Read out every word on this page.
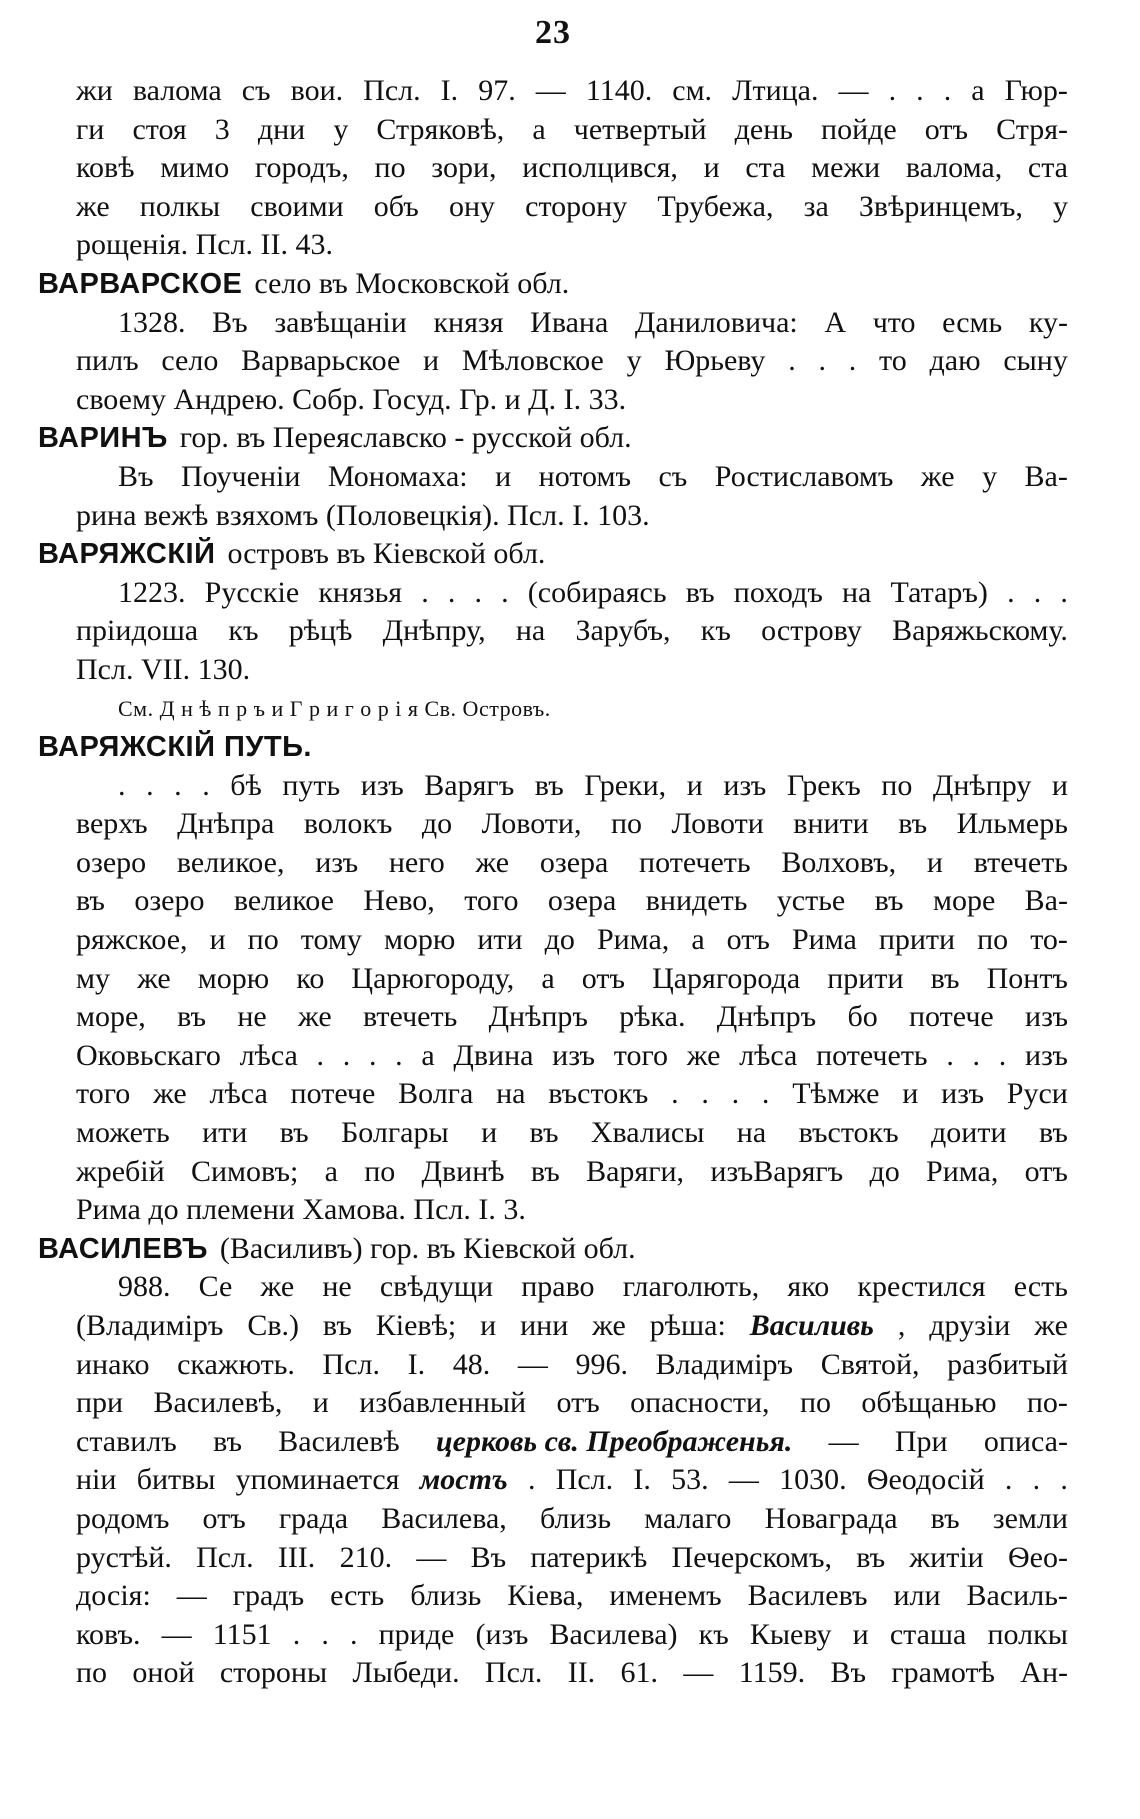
23
жи валома съ вои. Псл. І. 97. — 1140. см. Лтица. — . . . а Гюр-
ги стоя 3 дни у Стряковѣ, а четвертый день пойде отъ Стря-
ковѣ мимо городъ, по зори, исполцився, и ста межи валома, ста
же полкы своими объ ону сторону Трубежа, за Звѣринцемъ, у
рощенія. Псл. II. 43.
ВАРВАРСКОЕ село въ Московской обл.
1328. Въ завѣщаніи князя Ивана Даниловича: А что есмь ку-
пилъ село Варварьское и Мѣловское у Юрьеву . . . то даю сыну
своему Андрею. Собр. Госуд. Гр. и Д. I. 33.
ВАРИНЪ гор. въ Переяславско - русской обл.
Въ Поученіи Мономаха: и нотомъ съ Ростиславомъ же у Ва-
рина вежѣ взяхомъ (Половецкія). Псл. I. 103.
ВАРЯЖСКІЙ островъ въ Кіевской обл.
1223. Русскіе князья . . . . (собираясь въ походъ на Татаръ) . . .
пріидоша къ рѣцѣ Днѣпру, на Зарубъ, къ острову Варяжьскому.
Псл. VII. 130.
См. Д н ѣ п р ъ и Г р и г о р і я Св. Островъ.
ВАРЯЖСКІЙ ПУТЬ.
. . . . бѣ путь изъ Варягъ въ Греки, и изъ Грекъ по Днѣпру и
верхъ Днѣпра волокъ до Ловоти, по Ловоти внити въ Ильмерь
озеро великое, изъ него же озера потечеть Волховъ, и втечеть
въ озеро великое Нево, того озера внидеть устье въ море Ва-
ряжское, и по тому морю ити до Рима, а отъ Рима прити по то-
му же морю ко Царюгороду, а отъ Царягорода прити въ Понтъ
море, въ не же втечеть Днѣпръ рѣка. Днѣпръ бо потече изъ
Оковьскаго лѣса . . . . а Двина изъ того же лѣса потечеть . . . изъ
того же лѣса потече Волга на въстокъ . . . . Тѣмже и изъ Руси
можеть ити въ Болгары и въ Хвалисы на въстокъ доити въ
жребій Симовъ; а по Двинѣ въ Варяги, изъВарягъ до Рима, отъ
Рима до племени Хамова. Псл. I. 3.
ВАСИЛЕВЪ (Василивъ) гор. въ Кіевской обл.
988. Се же не свѣдущи право глаголють, яко крестился есть
(Владиміръ Св.) въ Кіевѣ; и ини же рѣша: Василивь , друзіи же
инако скажють. Псл. I. 48. — 996. Владиміръ Святой, разбитый
при Василевѣ, и избавленный отъ опасности, по обѣщанью по-
ставилъ въ Василевѣ церковь св. Преображенья. — При описа-
ніи битвы упоминается мостъ . Псл. I. 53. — 1030. Ѳеодосій . . .
родомъ отъ града Василева, близь малаго Новаграда въ земли
рустѣй. Псл. III. 210. — Въ патерикѣ Печерскомъ, въ житіи Ѳео-
досія: — градъ есть близь Кіева, именемъ Василевъ или Василь-
ковъ. — 1151 . . . приде (изъ Василева) къ Кыеву и сташа полкы
по оной стороны Лыбеди. Псл. II. 61. — 1159. Въ грамотѣ Ан-
